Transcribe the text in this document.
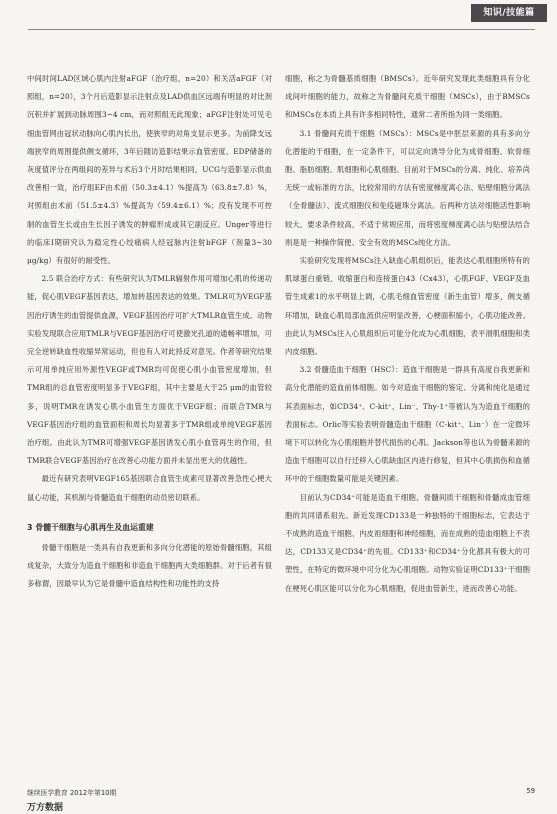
知识/技能篇

中间时间LAD区域心肌内注射aFGF（治疗组，n=20）和关活aFGF（对照组，n=20），3个月后造影显示注射点及LAD供血区远端有明显的对比剂沉积并扩展到动脉周围3~4 cm，而对照组无此现象；aFGF注射处可见毛细血管网由冠状动脉向心肌内长出，使狭窄的对角支显示更多。为前降支远端狭窄的周围提供侧支循环，3年后随访造影结果示血管密度、EDP储备的灰度值评分在两组间的差异与术后3个月时结果相同，UCG与造影显示供血改善相一致，治疗组EF由术前（50.3±4.1）%提高为（63.8±7.8）%，对照组由术前（51.5±4.3）%提高为（59.4±6.1）%；没有发现不可控制的血管生长或由生长因子诱发的肿瘤形成或其它副反应。Unger等进行的临床Ⅰ期研究认为稳定性心绞痛病人经冠脉内注射bFGF（剂量3~30 μg/kg）有很好的耐受性。

2.5 联合治疗方式：有些研究认为TMLR辐射作用可增加心肌的传递功能，促心肌VEGF基因表达，增加转基因表达的效果。TMLR可为VEGF基因治疗诱生的血管提供血源，VEGF基因治疗可扩大TMLR血管生成。动物实验发现联合应用TMLR与VEGF基因治疗可使激光孔道的通畅率增加，可完全逆转缺血性收缩异常运动，但也有人对此持反对意见。作者等研究结果示可用单纯应用外源性VEGF或TMR均可促使心肌小血管密度增加，但TMR组的总血管密度明显多于VEGF组，其中主要是大于25 μm的血管较多，说明TMR在诱发心肌小血管生方面优于VEGF组；而联合TMR与VEGF基因治疗组的血管面积和周长均显著多于TMR组或单纯VEGF基因治疗组。由此认为TMR可增强VEGF基因诱发心肌小血管再生的作用，但TMR联合VEGF基因治疗在改善心功能方面并未显出更大的优越性。

最近有研究表明VEGF165基因联合血管生成素可显著改善急性心梗大鼠心功能，其机制与骨髓造血干细胞的动员密切联系。

3 骨髓干细胞与心肌再生及血运重建

骨髓干细胞是一类具有自我更新和多向分化潜能的原始骨髓细胞，其组成复杂，大致分为造血干细胞和非造血干细胞两大类细胞群。对于后者有很多称谓，因最早认为它是骨髓中造血结构性和功能性的支持

细胞，称之为骨髓基质细胞（BMSCs）。近年研究发现此类细胞具有分化成间叶细胞的能力，故称之为骨髓间充质干细胞（MSCs），由于BMSCs和MSCs在本质上具有许多相同特性，通常二者所指为同一类细胞。

3.1 骨髓间充质干细胞（MSCs）：MSCs是中胚层来源的具有多向分化潜能的干细胞，在一定条件下，可以定向诱导分化为成骨细胞、软骨细胞、脂肪细胞、肌细胞和心肌细胞。目前对于MSCs的分离、纯化、培养尚无统一或标准的方法，比较常用的方法有密度梯度离心法、贴壁细胞分离法（全骨髓法）、流式细胞仪和免疫磁珠分离法。后两种方法对细胞活性影响较大，要求条件较高，不适于常规应用，而将密度梯度离心法与贴壁法结合则是是一种操作简便、安全有效的MSCs纯化方法。

实验研究发现将MSCs注入缺血心肌组织后，能表达心肌细胞所特有的肌球蛋白重链、收缩蛋白和连接蛋白43（Cx43），心肌FGF、VEGF及血管生成素1的水平明显上调，心肌毛细血管密度（新生血管）增多，侧支循环增加，缺血心肌局部血流供应明显改善，心梗面积缩小，心肌功能改善。由此认为MSCs注入心肌组织后可能分化成为心肌细胞，表平滑肌细胞和类内皮细胞。

3.2 骨髓造血干细胞（HSC）：造血干细胞是一群具有高度自我更新和高分化潜能的造血前体细胞。如今对造血干细胞的鉴定、分离和纯化是通过其表面标志，如CD34⁺、C-kit⁺、Lin⁻、Thy-1⁺等被认为为造血干细胞的表面标志。Orlic等实验表明骨髓造血干细胞（C-kit⁺、Lin⁻）在一定微环境下可以转化为心肌细胞并替代损伤的心肌。Jackson等也认为骨髓来源的造血干细胞可以自行迁移入心肌缺血区内进行修复，但其中心肌损伤和血循环中的干细胞数量可能是关键因素。

目前认为CD34⁺可能是造血干细胞、骨髓间质干细胞和骨髓成血管细胞的共同谱系祖先。新近发现CD133是一种独特的干细胞标志，它表达于不成熟的造血干细胞、内皮祖细胞和神经细胞，而在成熟的造血细胞上不表达，CD133又是CD34⁺的先祖。CD133⁺和CD34⁺分化都具有极大的可塑性，在特定的微环境中可分化为心肌细胞。动物实验证明CD133⁺干细胞在梗死心肌区能可以分化为心肌细胞，促进血管新生，进而改善心功能。

继续医学教育 2012年第10期	59
万方数据
